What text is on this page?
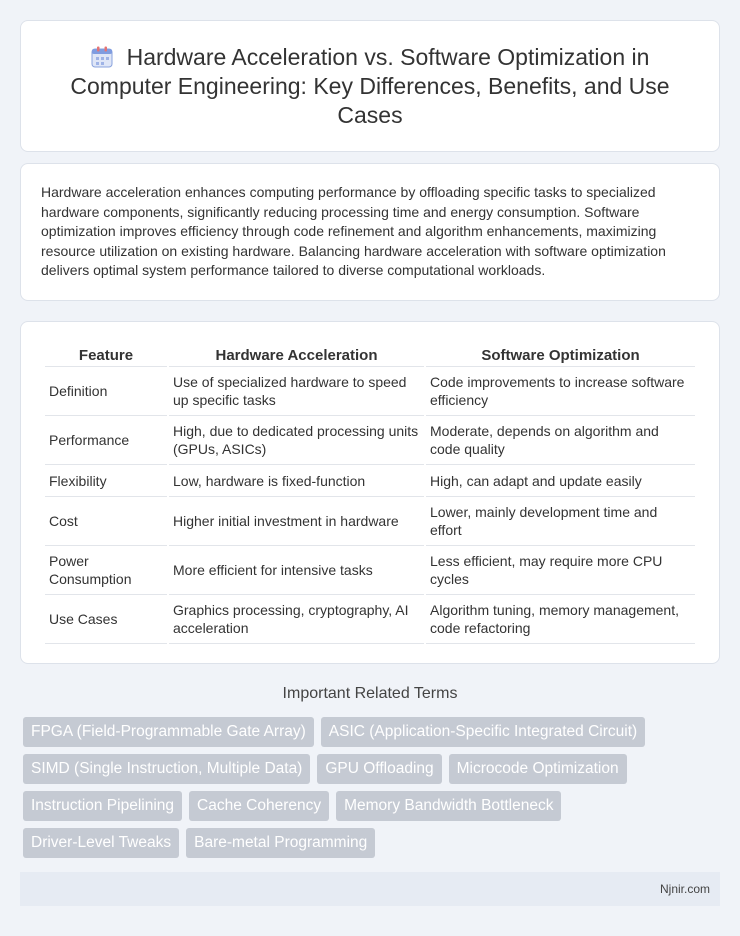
Hardware Acceleration vs. Software Optimization in Computer Engineering: Key Differences, Benefits, and Use Cases

Hardware acceleration enhances computing performance by offloading specific tasks to specialized hardware components, significantly reducing processing time and energy consumption. Software optimization improves efficiency through code refinement and algorithm enhancements, maximizing resource utilization on existing hardware. Balancing hardware acceleration with software optimization delivers optimal system performance tailored to diverse computational workloads.

Feature	Hardware Acceleration	Software Optimization
Definition	Use of specialized hardware to speed up specific tasks	Code improvements to increase software efficiency
Performance	High, due to dedicated processing units (GPUs, ASICs)	Moderate, depends on algorithm and code quality
Flexibility	Low, hardware is fixed-function	High, can adapt and update easily
Cost	Higher initial investment in hardware	Lower, mainly development time and effort
Power Consumption	More efficient for intensive tasks	Less efficient, may require more CPU cycles
Use Cases	Graphics processing, cryptography, AI acceleration	Algorithm tuning, memory management, code refactoring
Important Related Terms
FPGA (Field-Programmable Gate Array)	ASIC (Application-Specific Integrated Circuit)
SIMD (Single Instruction, Multiple Data)	GPU Offloading	Microcode Optimization
Instruction Pipelining	Cache Coherency	Memory Bandwidth Bottleneck
Driver-Level Tweaks	Bare-metal Programming
Njnir.com
